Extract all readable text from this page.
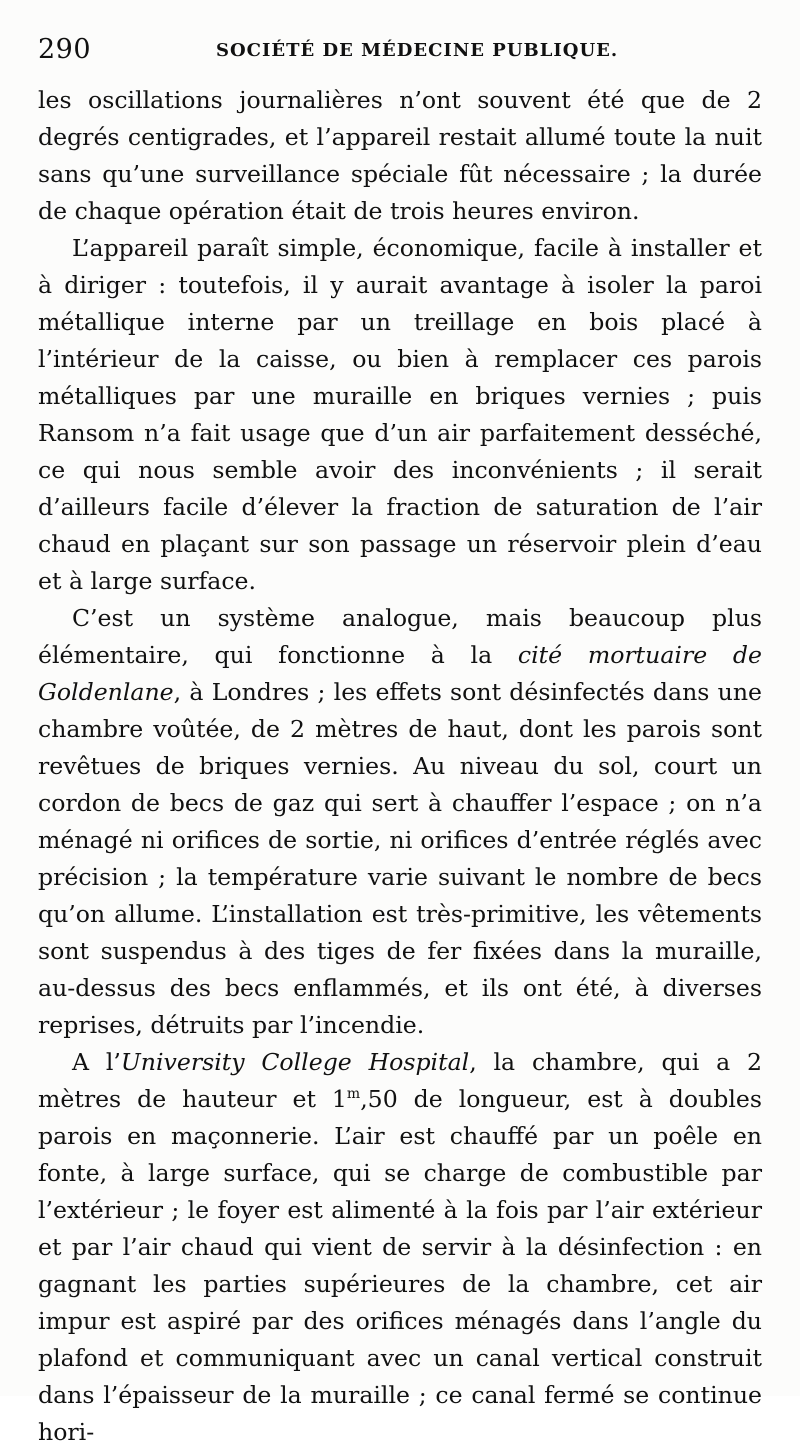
290	SOCIÉTÉ DE MÉDECINE PUBLIQUE.

les oscillations journalières n’ont souvent été que de 2 degrés centigrades, et l’appareil restait allumé toute la nuit sans qu’une surveillance spéciale fût nécessaire ; la durée de chaque opération était de trois heures environ.

L’appareil paraît simple, économique, facile à installer et à diriger : toutefois, il y aurait avantage à isoler la paroi métallique interne par un treillage en bois placé à l’intérieur de la caisse, ou bien à remplacer ces parois métalliques par une muraille en briques vernies ; puis Ransom n’a fait usage que d’un air parfaitement desséché, ce qui nous semble avoir des inconvénients ; il serait d’ailleurs facile d’élever la fraction de saturation de l’air chaud en plaçant sur son passage un réservoir plein d’eau et à large surface.

C’est un système analogue, mais beaucoup plus élémentaire, qui fonctionne à la cité mortuaire de Goldenlane, à Londres ; les effets sont désinfectés dans une chambre voûtée, de 2 mètres de haut, dont les parois sont revêtues de briques vernies. Au niveau du sol, court un cordon de becs de gaz qui sert à chauffer l’espace ; on n’a ménagé ni orifices de sortie, ni orifices d’entrée réglés avec précision ; la température varie suivant le nombre de becs qu’on allume. L’installation est très-primitive, les vêtements sont suspendus à des tiges de fer fixées dans la muraille, au-dessus des becs enflammés, et ils ont été, à diverses reprises, détruits par l’incendie.

A l’University College Hospital, la chambre, qui a 2 mètres de hauteur et 1$^m$,50 de longueur, est à doubles parois en maçonnerie. L’air est chauffé par un poêle en fonte, à large surface, qui se charge de combustible par l’extérieur ; le foyer est alimenté à la fois par l’air extérieur et par l’air chaud qui vient de servir à la désinfection : en gagnant les parties supérieures de la chambre, cet air impur est aspiré par des orifices ménagés dans l’angle du plafond et communiquant avec un canal vertical construit dans l’épaisseur de la muraille ; ce canal fermé se continue hori-
